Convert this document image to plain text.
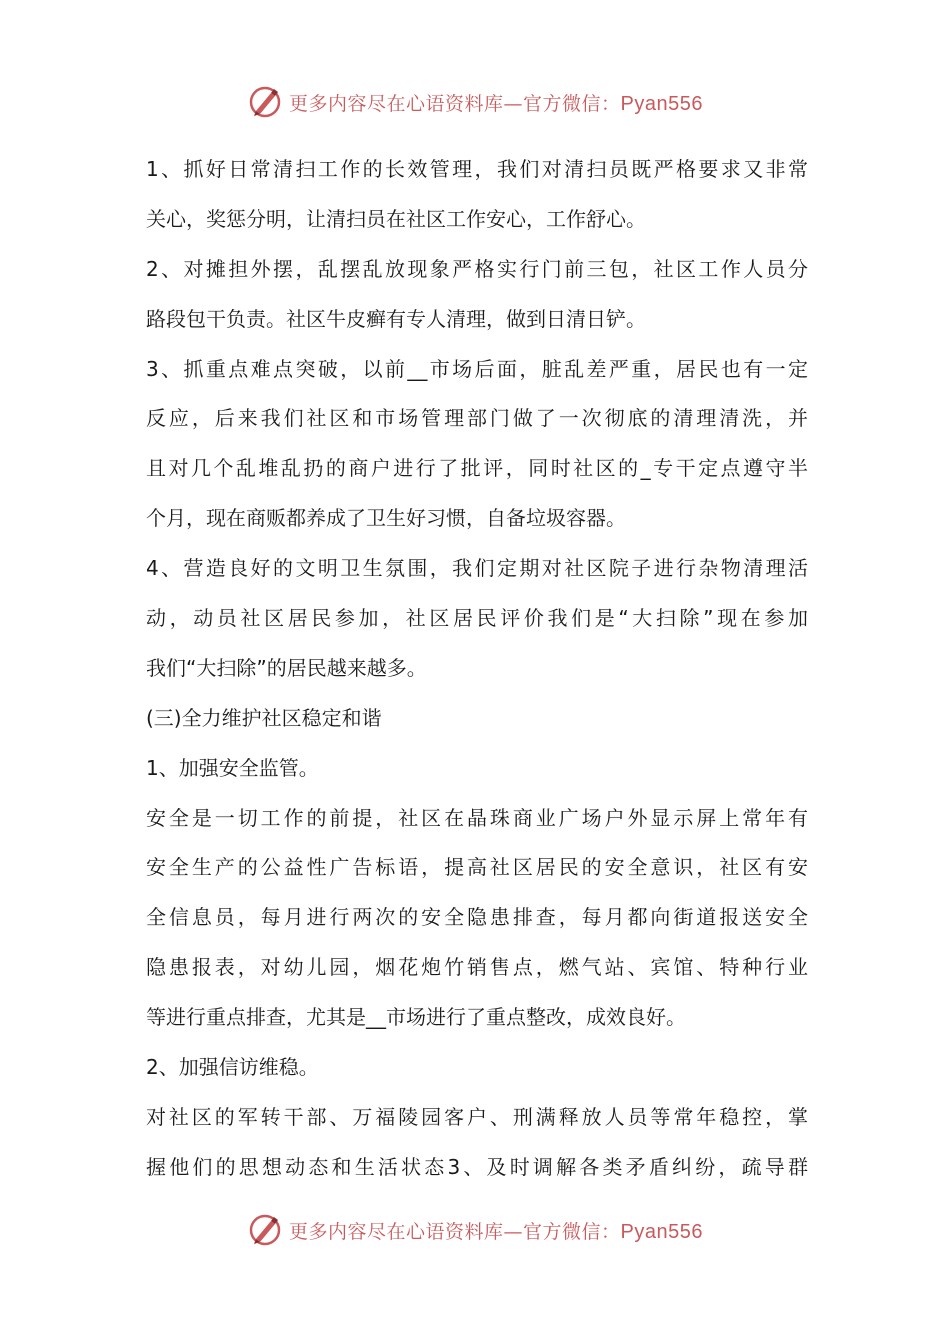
更多内容尽在心语资料库—官方微信：Pyan556
1、抓好日常清扫工作的长效管理，我们对清扫员既严格要求又非常
关心，奖惩分明，让清扫员在社区工作安心，工作舒心。
2、对摊担外摆，乱摆乱放现象严格实行门前三包，社区工作人员分
路段包干负责。社区牛皮癣有专人清理，做到日清日铲。
3、抓重点难点突破，以前__市场后面，脏乱差严重，居民也有一定
反应，后来我们社区和市场管理部门做了一次彻底的清理清洗，并
且对几个乱堆乱扔的商户进行了批评，同时社区的_专干定点遵守半
个月，现在商贩都养成了卫生好习惯，自备垃圾容器。
4、营造良好的文明卫生氛围，我们定期对社区院子进行杂物清理活
动，动员社区居民参加，社区居民评价我们是“大扫除”现在参加
我们“大扫除”的居民越来越多。
(三)全力维护社区稳定和谐
1、加强安全监管。
安全是一切工作的前提，社区在晶珠商业广场户外显示屏上常年有
安全生产的公益性广告标语，提高社区居民的安全意识，社区有安
全信息员，每月进行两次的安全隐患排查，每月都向街道报送安全
隐患报表，对幼儿园，烟花炮竹销售点，燃气站、宾馆、特种行业
等进行重点排查，尤其是__市场进行了重点整改，成效良好。
2、加强信访维稳。
对社区的军转干部、万福陵园客户、刑满释放人员等常年稳控，掌
握他们的思想动态和生活状态3、及时调解各类矛盾纠纷，疏导群
更多内容尽在心语资料库—官方微信：Pyan556
